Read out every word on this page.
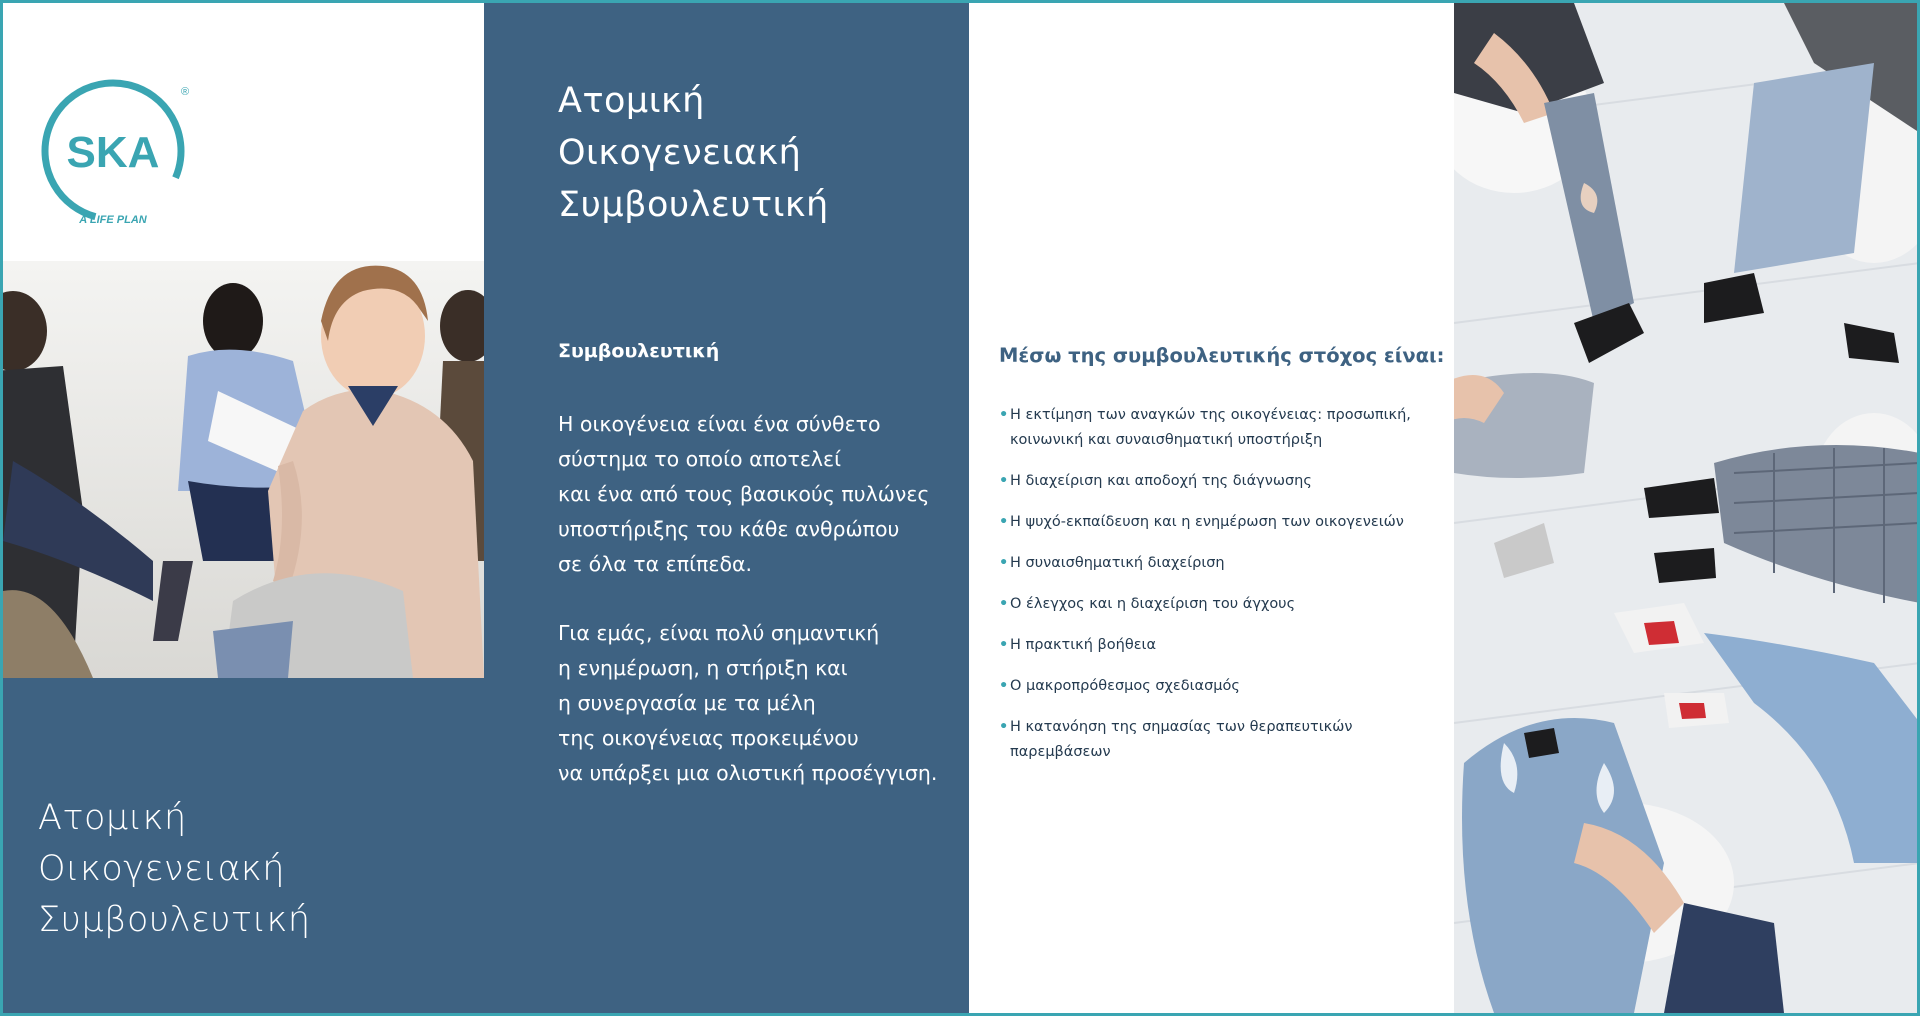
SKA
A LIFE PLAN
®
Ατομική
Οικογενειακή
Συμβουλευτική
Ατομική
Οικογενειακή
Συμβουλευτική
Συμβουλευτική
Η οικογένεια είναι ένα σύνθετο
σύστημα το οποίο αποτελεί
και ένα από τους βασικούς πυλώνες
υποστήριξης του κάθε ανθρώπου
σε όλα τα επίπεδα.
Για εμάς, είναι πολύ σημαντική
η ενημέρωση, η στήριξη και
η συνεργασία με τα μέλη
της οικογένειας προκειμένου
να υπάρξει μια ολιστική προσέγγιση.
Μέσω της συμβουλευτικής στόχος είναι:
• Η εκτίμηση των αναγκών της οικογένειας: προσωπική,
κοινωνική και συναισθηματική υποστήριξη
• Η διαχείριση και αποδοχή της διάγνωσης
• Η ψυχό-εκπαίδευση και η ενημέρωση των οικογενειών
• Η συναισθηματική διαχείριση
• Ο έλεγχος και η διαχείριση του άγχους
• Η πρακτική βοήθεια
• Ο μακροπρόθεσμος σχεδιασμός
• Η κατανόηση της σημασίας των θεραπευτικών
παρεμβάσεων
